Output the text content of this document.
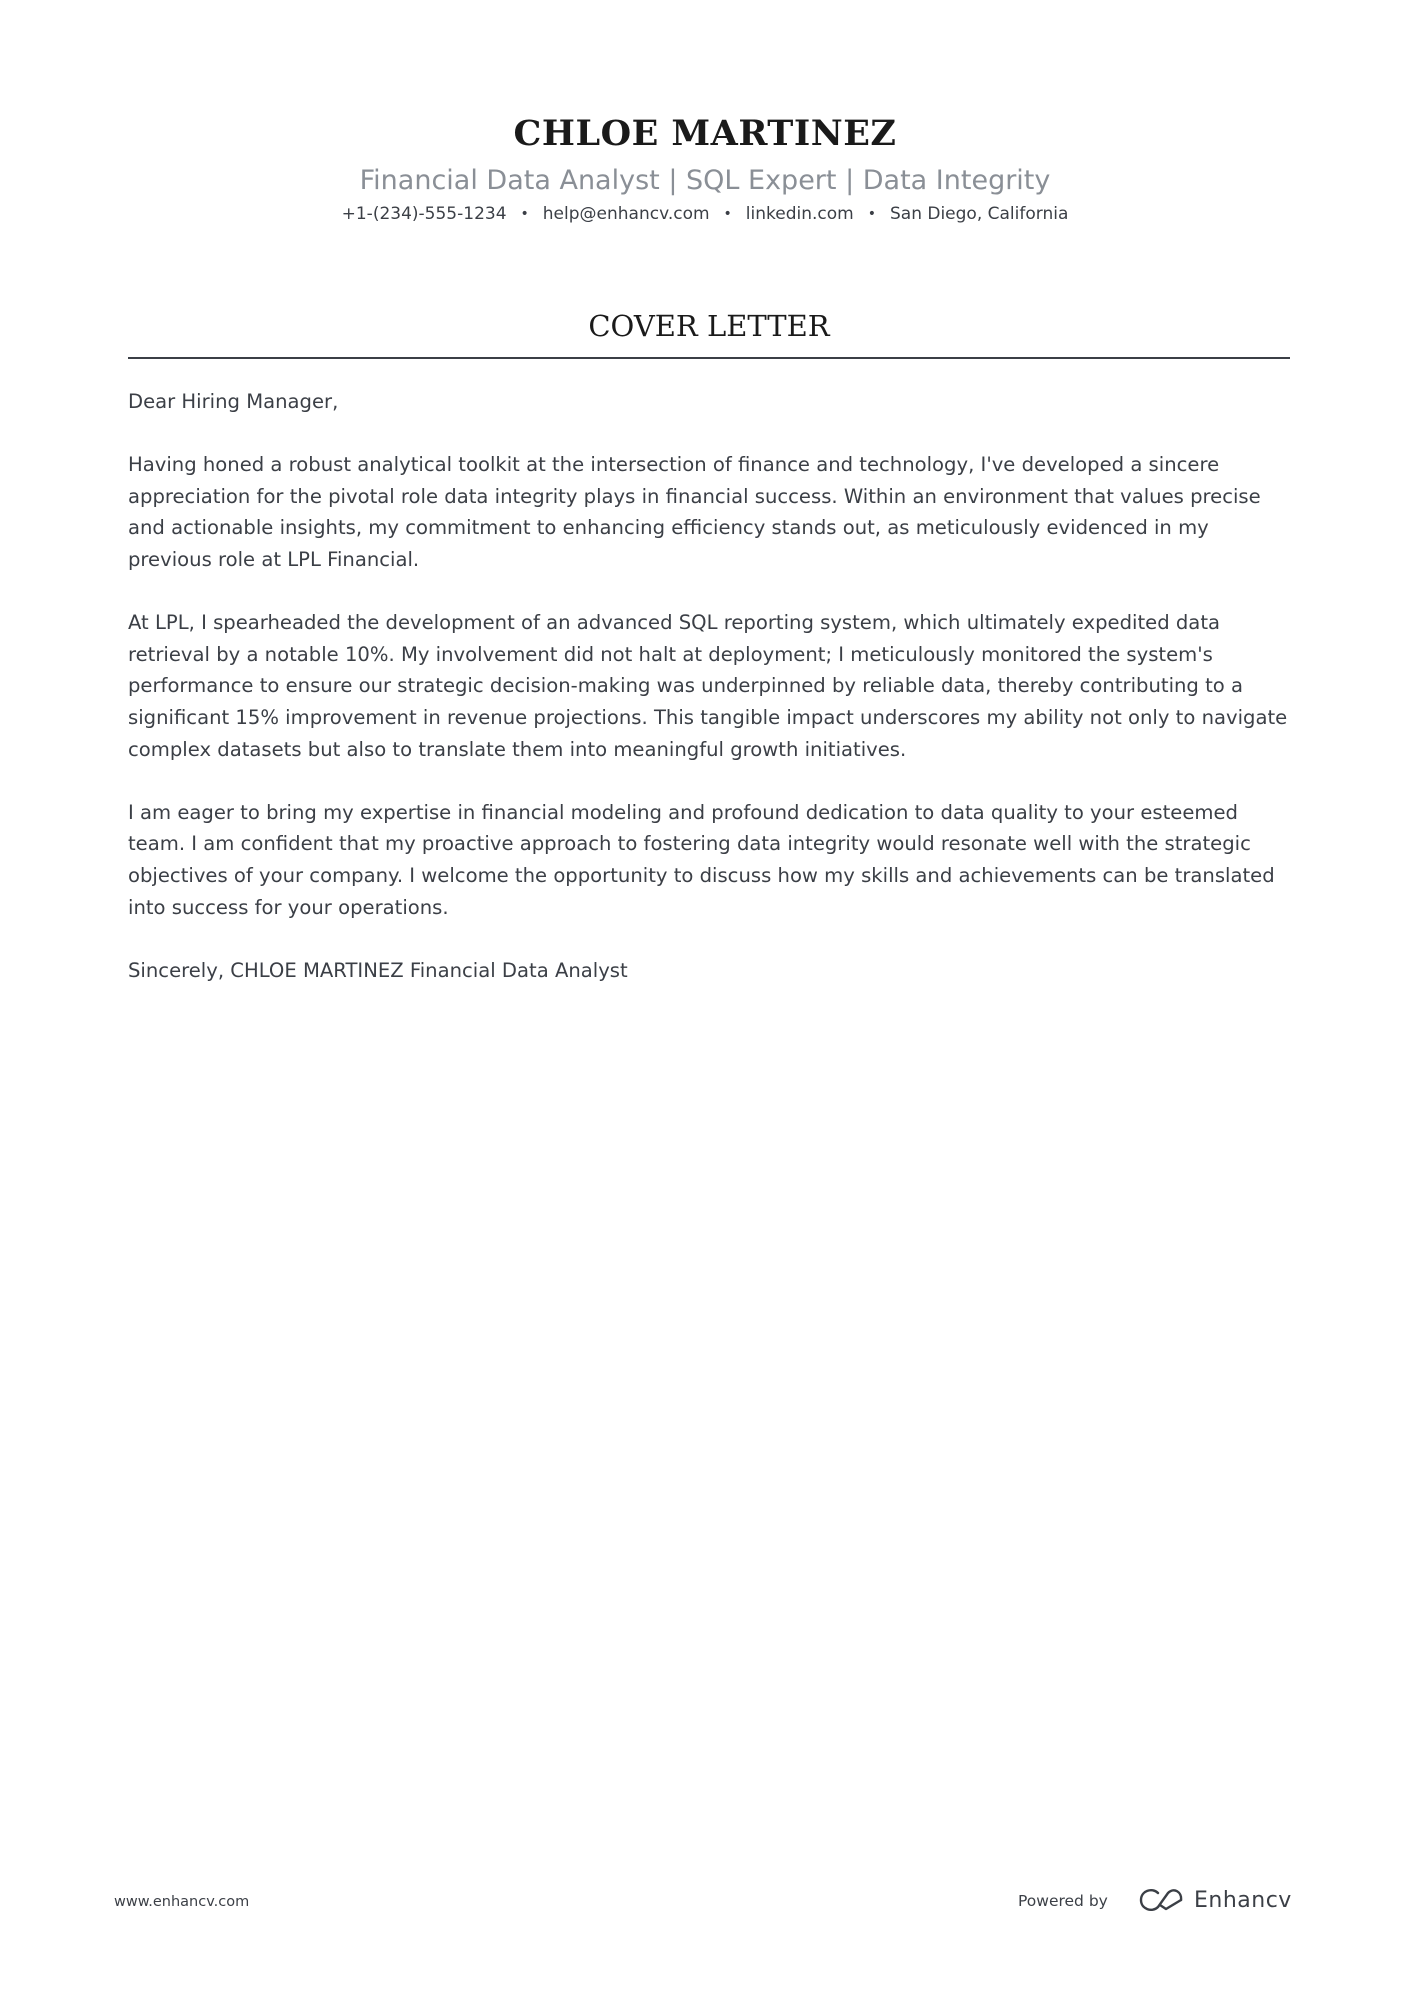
CHLOE MARTINEZ
Financial Data Analyst | SQL Expert | Data Integrity
+1-(234)-555-1234 • help@enhancv.com • linkedin.com • San Diego, California
COVER LETTER

Dear Hiring Manager,

Having honed a robust analytical toolkit at the intersection of finance and technology, I've developed a sincere appreciation for the pivotal role data integrity plays in financial success. Within an environment that values precise and actionable insights, my commitment to enhancing efficiency stands out, as meticulously evidenced in my previous role at LPL Financial.

At LPL, I spearheaded the development of an advanced SQL reporting system, which ultimately expedited data retrieval by a notable 10%. My involvement did not halt at deployment; I meticulously monitored the system's performance to ensure our strategic decision-making was underpinned by reliable data, thereby contributing to a significant 15% improvement in revenue projections. This tangible impact underscores my ability not only to navigate complex datasets but also to translate them into meaningful growth initiatives.

I am eager to bring my expertise in financial modeling and profound dedication to data quality to your esteemed team. I am confident that my proactive approach to fostering data integrity would resonate well with the strategic objectives of your company. I welcome the opportunity to discuss how my skills and achievements can be translated into success for your operations.

Sincerely, CHLOE MARTINEZ Financial Data Analyst

www.enhancv.com	Powered by	Enhancv
